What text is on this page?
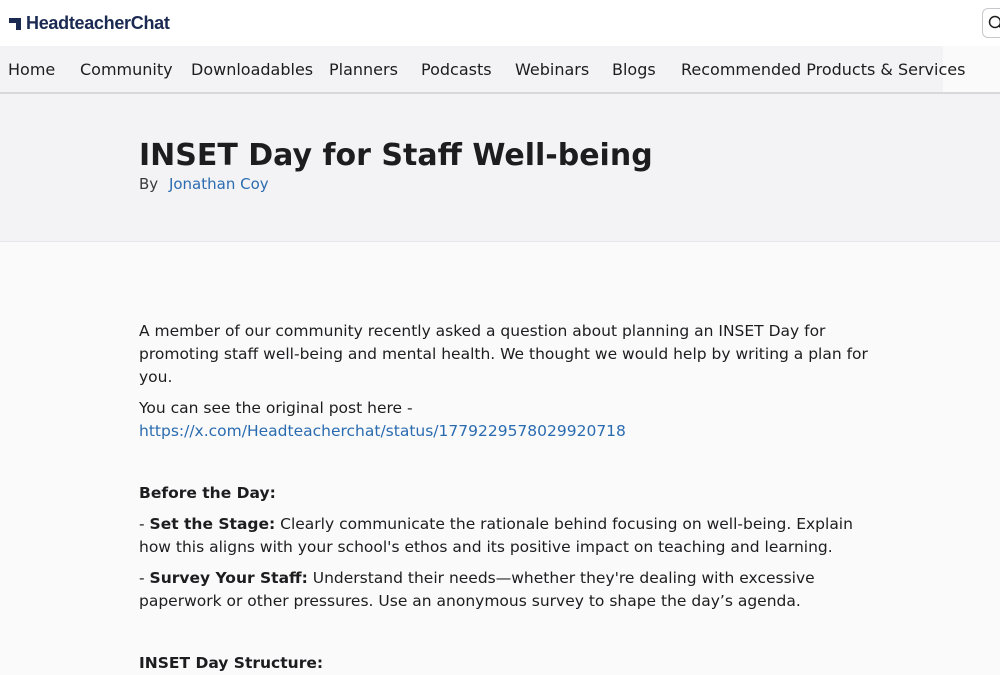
HeadteacherChat
Home Community Downloadables Planners Podcasts Webinars Blogs Recommended Products & Services
INSET Day for Staff Well-being
By Jonathan Coy

A member of our community recently asked a question about planning an INSET Day for promoting staff well-being and mental health. We thought we would help by writing a plan for you.

You can see the original post here -https://x.com/Headteacherchat/status/1779229578029920718

Before the Day:

- Set the Stage: Clearly communicate the rationale behind focusing on well-being. Explain how this aligns with your school's ethos and its positive impact on teaching and learning.

- Survey Your Staff: Understand their needs—whether they're dealing with excessive paperwork or other pressures. Use an anonymous survey to shape the day’s agenda.

INSET Day Structure:
